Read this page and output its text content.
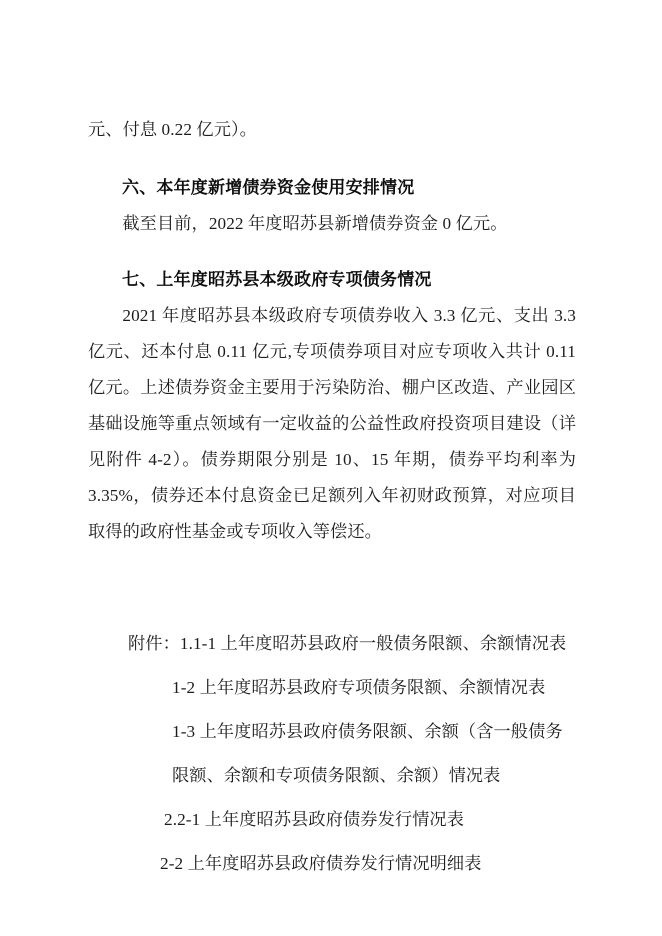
元、付息 0.22 亿元）。

六、本年度新增债券资金使用安排情况

截至目前，2022 年度昭苏县新增债券资金 0 亿元。

七、上年度昭苏县本级政府专项债务情况

2021 年度昭苏县本级政府专项债券收入 3.3 亿元、支出 3.3 亿元、还本付息 0.11 亿元,专项债券项目对应专项收入共计 0.11 亿元。上述债券资金主要用于污染防治、棚户区改造、产业园区基础设施等重点领域有一定收益的公益性政府投资项目建设（详见附件 4-2）。债券期限分别是 10、15 年期，债券平均利率为 3.35%，债券还本付息资金已足额列入年初财政预算，对应项目取得的政府性基金或专项收入等偿还。

附件：1.1-1 上年度昭苏县政府一般债务限额、余额情况表

1-2 上年度昭苏县政府专项债务限额、余额情况表

1-3 上年度昭苏县政府债务限额、余额（含一般债务

限额、余额和专项债务限额、余额）情况表

2.2-1 上年度昭苏县政府债券发行情况表

2-2 上年度昭苏县政府债券发行情况明细表
